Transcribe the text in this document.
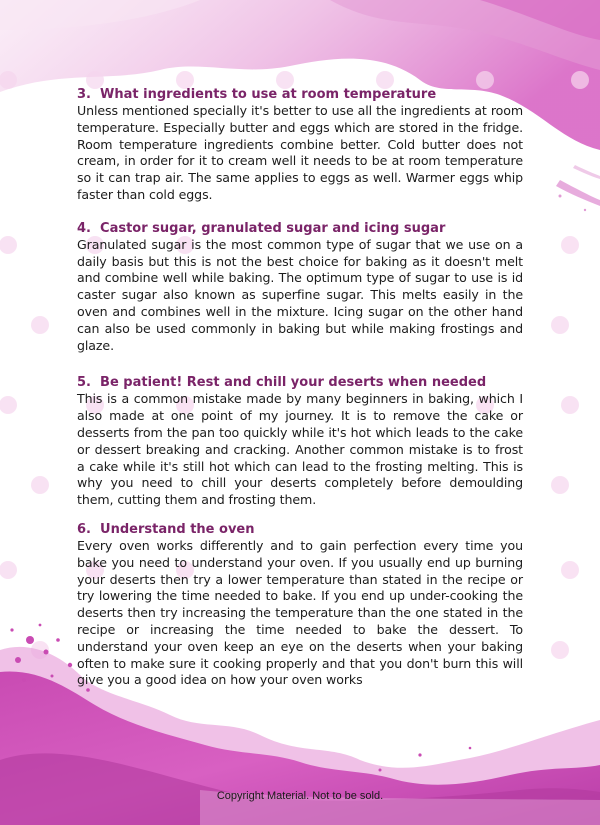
3. What ingredients to use at room temperature

Unless mentioned specially it's better to use all the ingredients at room temperature. Especially butter and eggs which are stored in the fridge. Room temperature ingredients combine better. Cold butter does not cream, in order for it to cream well it needs to be at room temperature so it can trap air. The same applies to eggs as well. Warmer eggs whip faster than cold eggs.

4. Castor sugar, granulated sugar and icing sugar

Granulated sugar is the most common type of sugar that we use on a daily basis but this is not the best choice for baking as it doesn't melt and combine well while baking. The optimum type of sugar to use is id caster sugar also known as superfine sugar. This melts easily in the oven and combines well in the mixture. Icing sugar on the other hand can also be used commonly in baking but while making frostings and glaze.

5. Be patient! Rest and chill your deserts when needed

This is a common mistake made by many beginners in baking, which I also made at one point of my journey. It is to remove the cake or desserts from the pan too quickly while it's hot which leads to the cake or dessert breaking and cracking. Another common mistake is to frost a cake while it's still hot which can lead to the frosting melting. This is why you need to chill your deserts completely before demoulding them, cutting them and frosting them.

6. Understand the oven

Every oven works differently and to gain perfection every time you bake you need to understand your oven. If you usually end up burning your deserts then try a lower temperature than stated in the recipe or try lowering the time needed to bake. If you end up under-cooking the deserts then try increasing the temperature than the one stated in the recipe or increasing the time needed to bake the dessert. To understand your oven keep an eye on the deserts when your baking often to make sure it cooking properly and that you don't burn this will give you a good idea on how your oven works

Copyright Material. Not to be sold.
